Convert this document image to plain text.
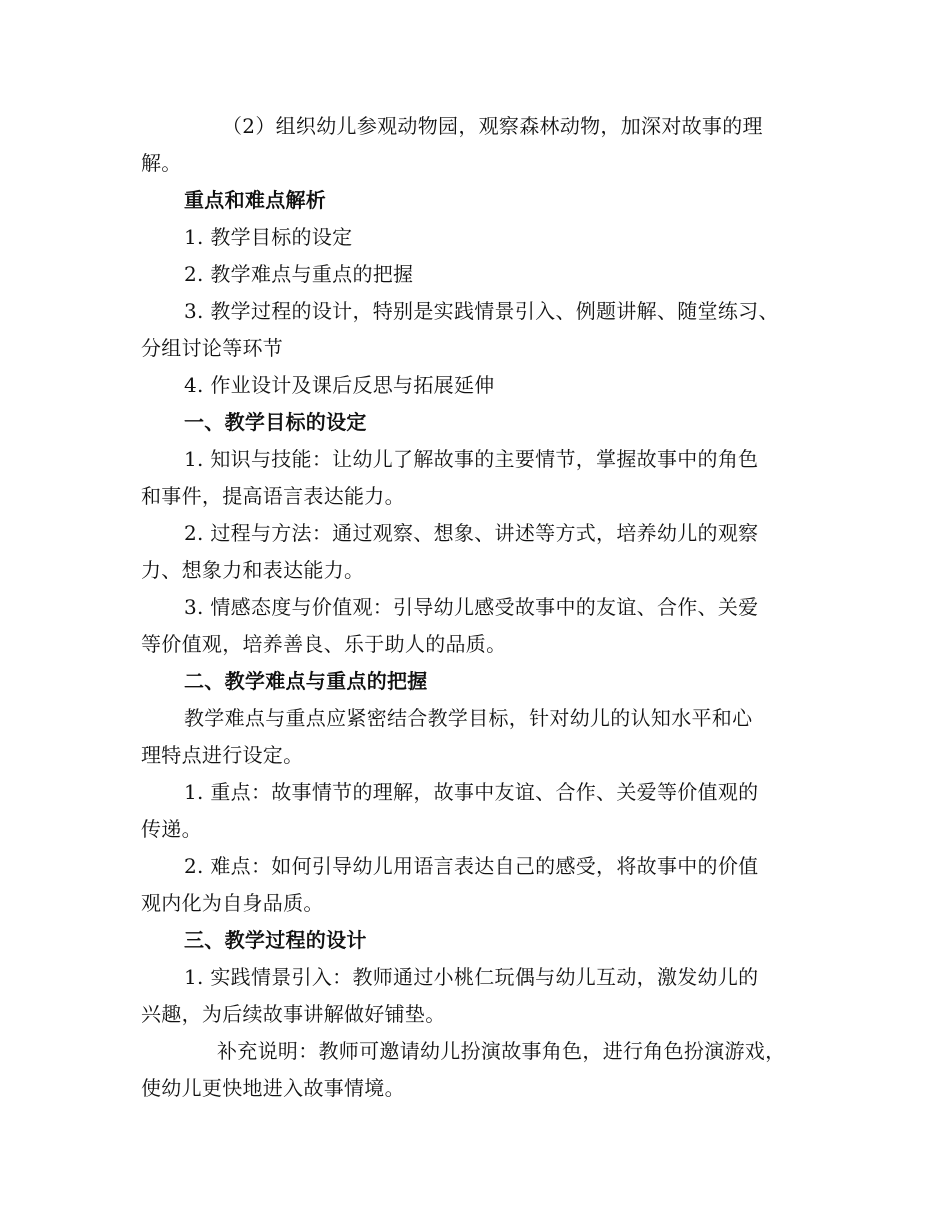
（2）组织幼儿参观动物园，观察森林动物，加深对故事的理
解。
重点和难点解析
1. 教学目标的设定
2. 教学难点与重点的把握
3. 教学过程的设计，特别是实践情景引入、例题讲解、随堂练习、
分组讨论等环节
4. 作业设计及课后反思与拓展延伸
一、教学目标的设定
1. 知识与技能：让幼儿了解故事的主要情节，掌握故事中的角色
和事件，提高语言表达能力。
2. 过程与方法：通过观察、想象、讲述等方式，培养幼儿的观察
力、想象力和表达能力。
3. 情感态度与价值观：引导幼儿感受故事中的友谊、合作、关爱
等价值观，培养善良、乐于助人的品质。
二、教学难点与重点的把握
教学难点与重点应紧密结合教学目标，针对幼儿的认知水平和心
理特点进行设定。
1. 重点：故事情节的理解，故事中友谊、合作、关爱等价值观的
传递。
2. 难点：如何引导幼儿用语言表达自己的感受，将故事中的价值
观内化为自身品质。
三、教学过程的设计
1. 实践情景引入：教师通过小桃仁玩偶与幼儿互动，激发幼儿的
兴趣，为后续故事讲解做好铺垫。
补充说明：教师可邀请幼儿扮演故事角色，进行角色扮演游戏，
使幼儿更快地进入故事情境。
